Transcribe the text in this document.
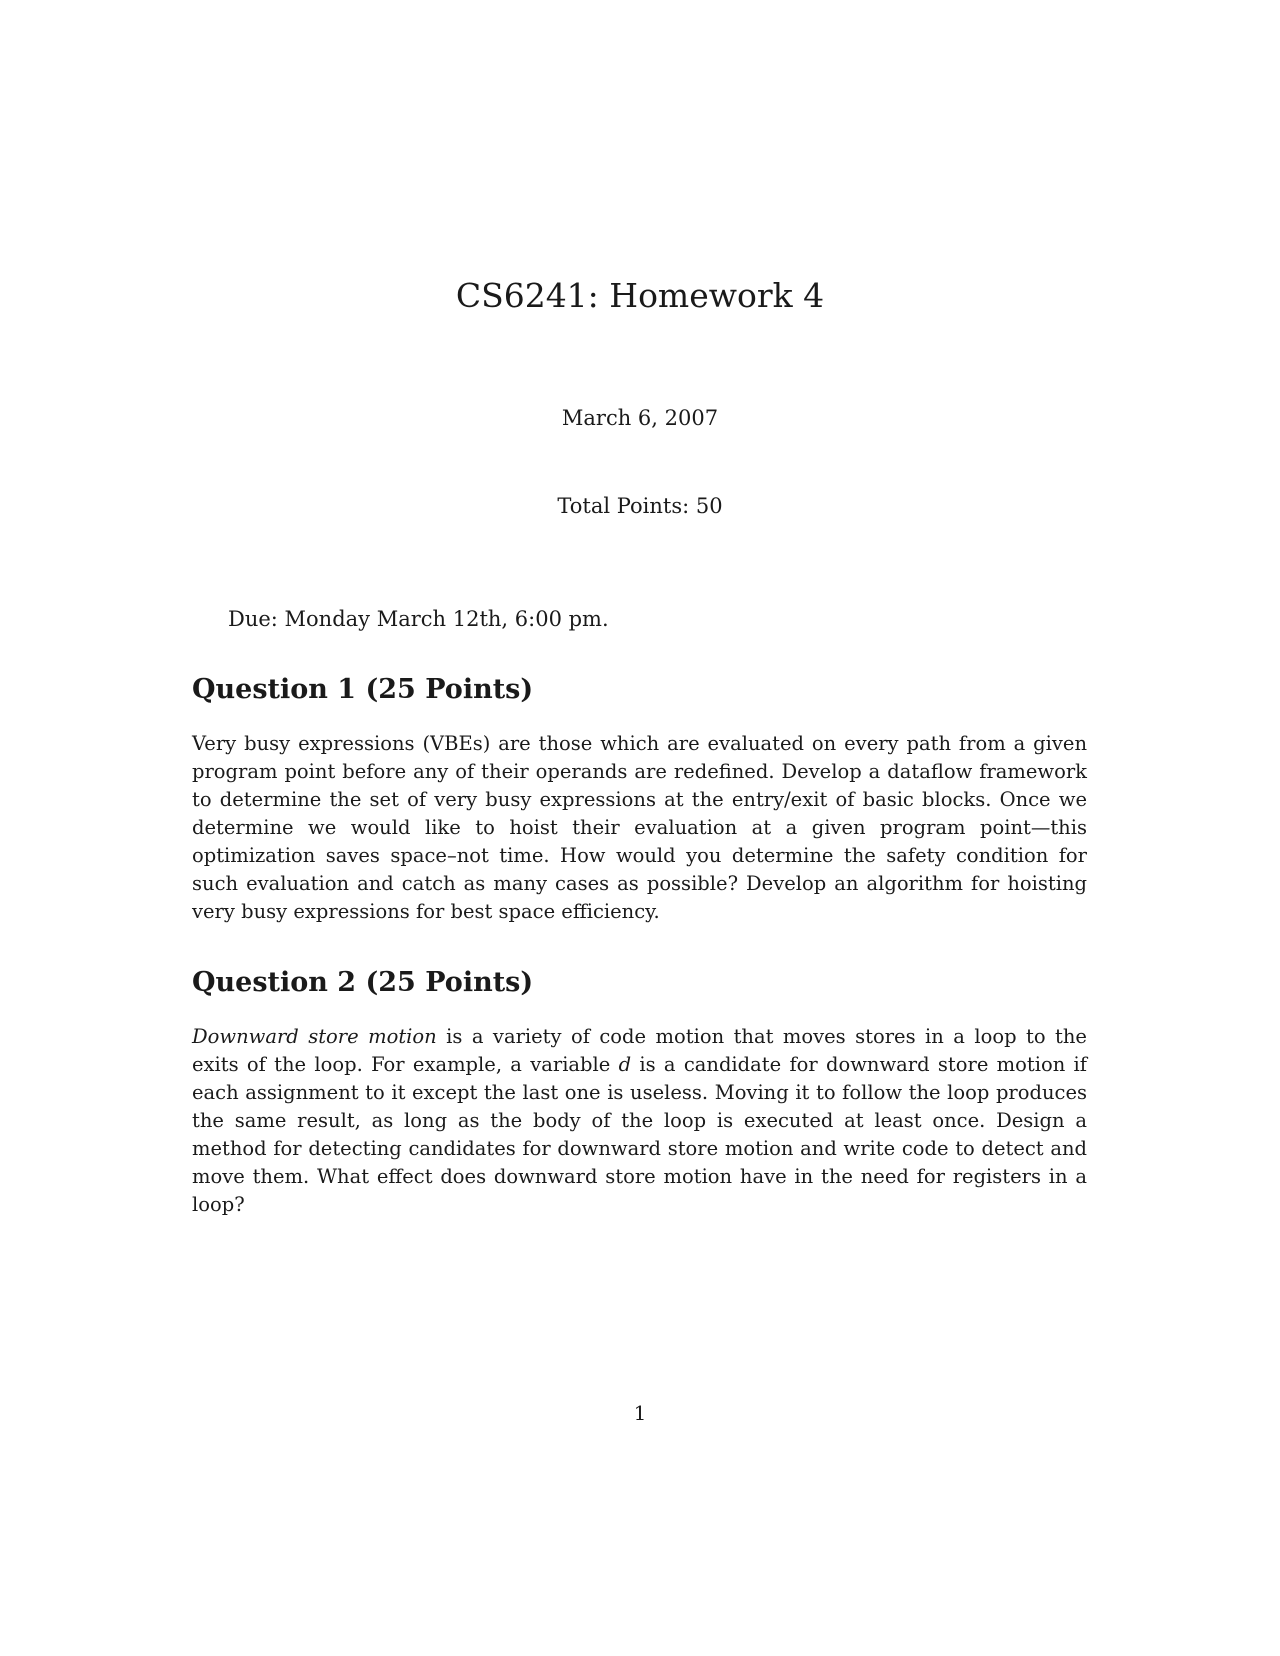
CS6241: Homework 4
March 6, 2007
Total Points: 50
Due: Monday March 12th, 6:00 pm.
Question 1 (25 Points)

Very busy expressions (VBEs) are those which are evaluated on every path from a given program point before any of their operands are redefined. Develop a dataflow framework to determine the set of very busy expressions at the entry/exit of basic blocks. Once we determine we would like to hoist their evaluation at a given program point—this optimization saves space–not time. How would you determine the safety condition for such evaluation and catch as many cases as possible? Develop an algorithm for hoisting very busy expressions for best space efficiency.

Question 2 (25 Points)

Downward store motion is a variety of code motion that moves stores in a loop to the exits of the loop. For example, a variable d is a candidate for downward store motion if each assignment to it except the last one is useless. Moving it to follow the loop produces the same result, as long as the body of the loop is executed at least once. Design a method for detecting candidates for downward store motion and write code to detect and move them. What effect does downward store motion have in the need for registers in a loop?

1
